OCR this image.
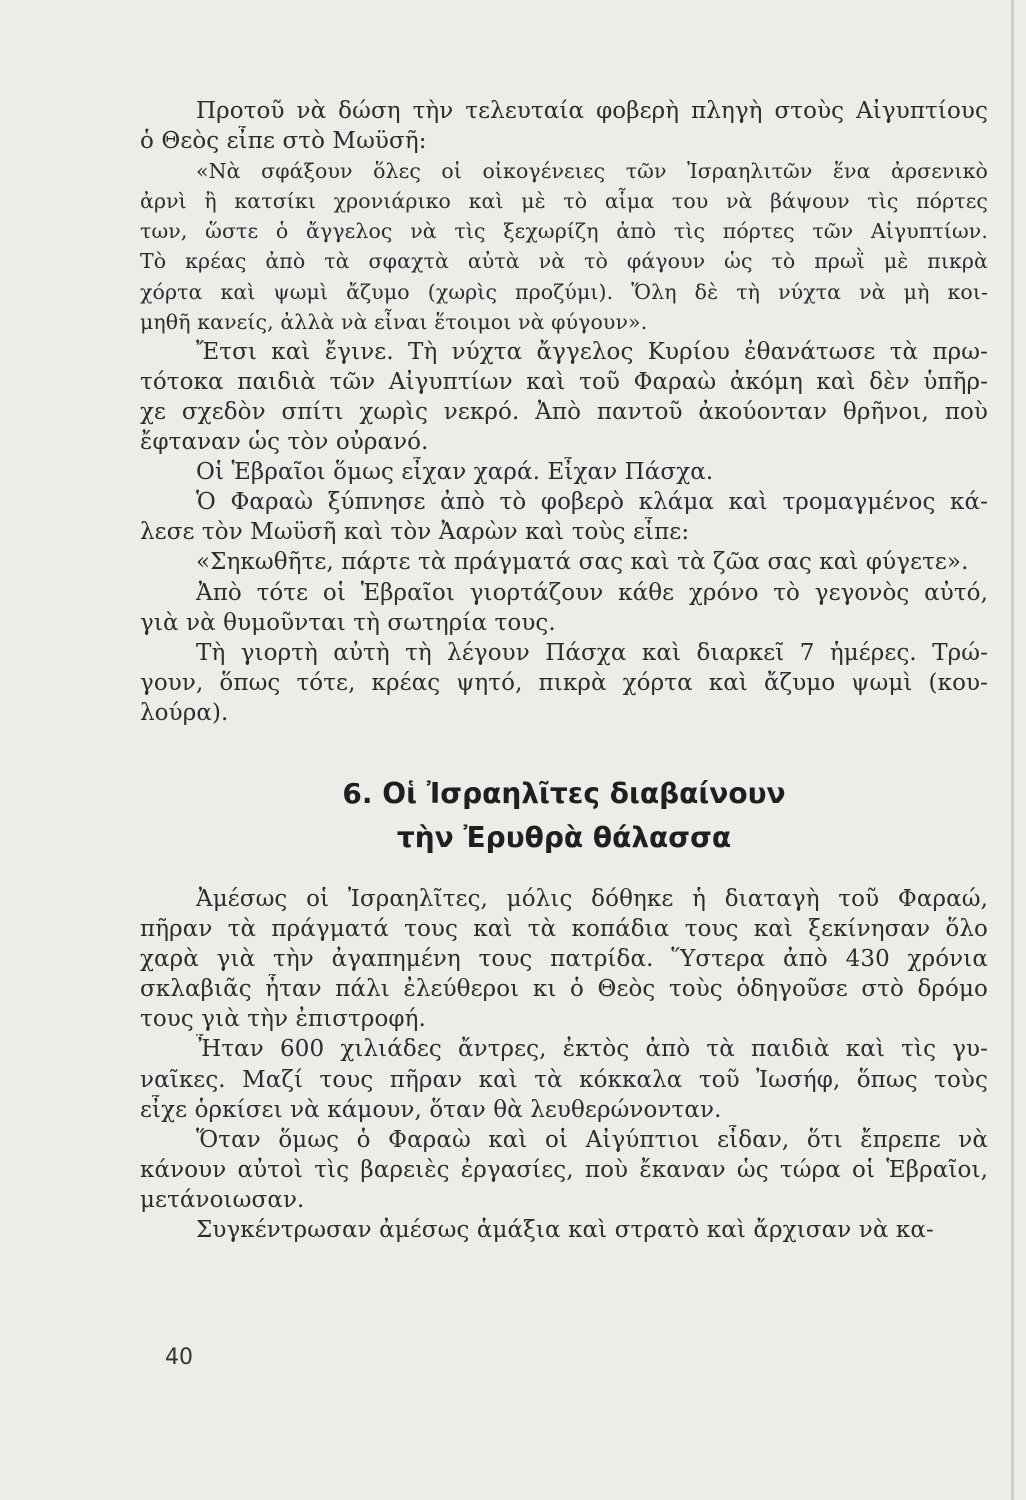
Προτοῦ νὰ δώση τὴν τελευταία φοβερὴ πληγὴ στοὺς Αἰγυπτίους
ὁ Θεὸς εἶπε στὸ Μωϋσῆ:
«Νὰ σφάξουν ὅλες οἱ οἰκογένειες τῶν Ἰσραηλιτῶν ἕνα ἀρσενικὸ
ἀρνὶ ἢ κατσίκι χρονιάρικο καὶ μὲ τὸ αἷμα του νὰ βάψουν τὶς πόρτες
των, ὥστε ὁ ἄγγελος νὰ τὶς ξεχωρίζη ἀπὸ τὶς πόρτες τῶν Αἰγυπτίων.
Τὸ κρέας ἀπὸ τὰ σφαχτὰ αὐτὰ νὰ τὸ φάγουν ὡς τὸ πρωῒ μὲ πικρὰ
χόρτα καὶ ψωμὶ ἄζυμο (χωρὶς προζύμι). Ὅλη δὲ τὴ νύχτα νὰ μὴ κοι-
μηθῆ κανείς, ἀλλὰ νὰ εἶναι ἕτοιμοι νὰ φύγουν».
Ἔτσι καὶ ἔγινε. Τὴ νύχτα ἄγγελος Κυρίου ἐθανάτωσε τὰ πρω-
τότοκα παιδιὰ τῶν Αἰγυπτίων καὶ τοῦ Φαραὼ ἀκόμη καὶ δὲν ὑπῆρ-
χε σχεδὸν σπίτι χωρὶς νεκρό. Ἀπὸ παντοῦ ἀκούονταν θρῆνοι, ποὺ
ἔφταναν ὡς τὸν οὐρανό.
Οἱ Ἑβραῖοι ὅμως εἶχαν χαρά. Εἶχαν Πάσχα.
Ὁ Φαραὼ ξύπνησε ἀπὸ τὸ φοβερὸ κλάμα καὶ τρομαγμένος κά-
λεσε τὸν Μωϋσῆ καὶ τὸν Ἀαρὼν καὶ τοὺς εἶπε:
«Σηκωθῆτε, πάρτε τὰ πράγματά σας καὶ τὰ ζῶα σας καὶ φύγετε».
Ἀπὸ τότε οἱ Ἑβραῖοι γιορτάζουν κάθε χρόνο τὸ γεγονὸς αὐτό,
γιὰ νὰ θυμοῦνται τὴ σωτηρία τους.
Τὴ γιορτὴ αὐτὴ τὴ λέγουν Πάσχα καὶ διαρκεῖ 7 ἡμέρες. Τρώ-
γουν, ὅπως τότε, κρέας ψητό, πικρὰ χόρτα καὶ ἄζυμο ψωμὶ (κου-
λούρα).
6. Οἱ Ἰσραηλῖτες διαβαίνουν
τὴν Ἐρυθρὰ θάλασσα
Ἀμέσως οἱ Ἰσραηλῖτες, μόλις δόθηκε ἡ διαταγὴ τοῦ Φαραώ,
πῆραν τὰ πράγματά τους καὶ τὰ κοπάδια τους καὶ ξεκίνησαν ὅλο
χαρὰ γιὰ τὴν ἀγαπημένη τους πατρίδα. Ὕστερα ἀπὸ 430 χρόνια
σκλαβιᾶς ἦταν πάλι ἐλεύθεροι κι ὁ Θεὸς τοὺς ὁδηγοῦσε στὸ δρόμο
τους γιὰ τὴν ἐπιστροφή.
Ἦταν 600 χιλιάδες ἄντρες, ἐκτὸς ἀπὸ τὰ παιδιὰ καὶ τὶς γυ-
ναῖκες. Μαζί τους πῆραν καὶ τὰ κόκκαλα τοῦ Ἰωσήφ, ὅπως τοὺς
εἶχε ὁρκίσει νὰ κάμουν, ὅταν θὰ λευθερώνονταν.
Ὅταν ὅμως ὁ Φαραὼ καὶ οἱ Αἰγύπτιοι εἶδαν, ὅτι ἔπρεπε νὰ
κάνουν αὐτοὶ τὶς βαρειὲς ἐργασίες, ποὺ ἔκαναν ὡς τώρα οἱ Ἑβραῖοι,
μετάνοιωσαν.
Συγκέντρωσαν ἀμέσως ἁμάξια καὶ στρατὸ καὶ ἄρχισαν νὰ κα-
40
